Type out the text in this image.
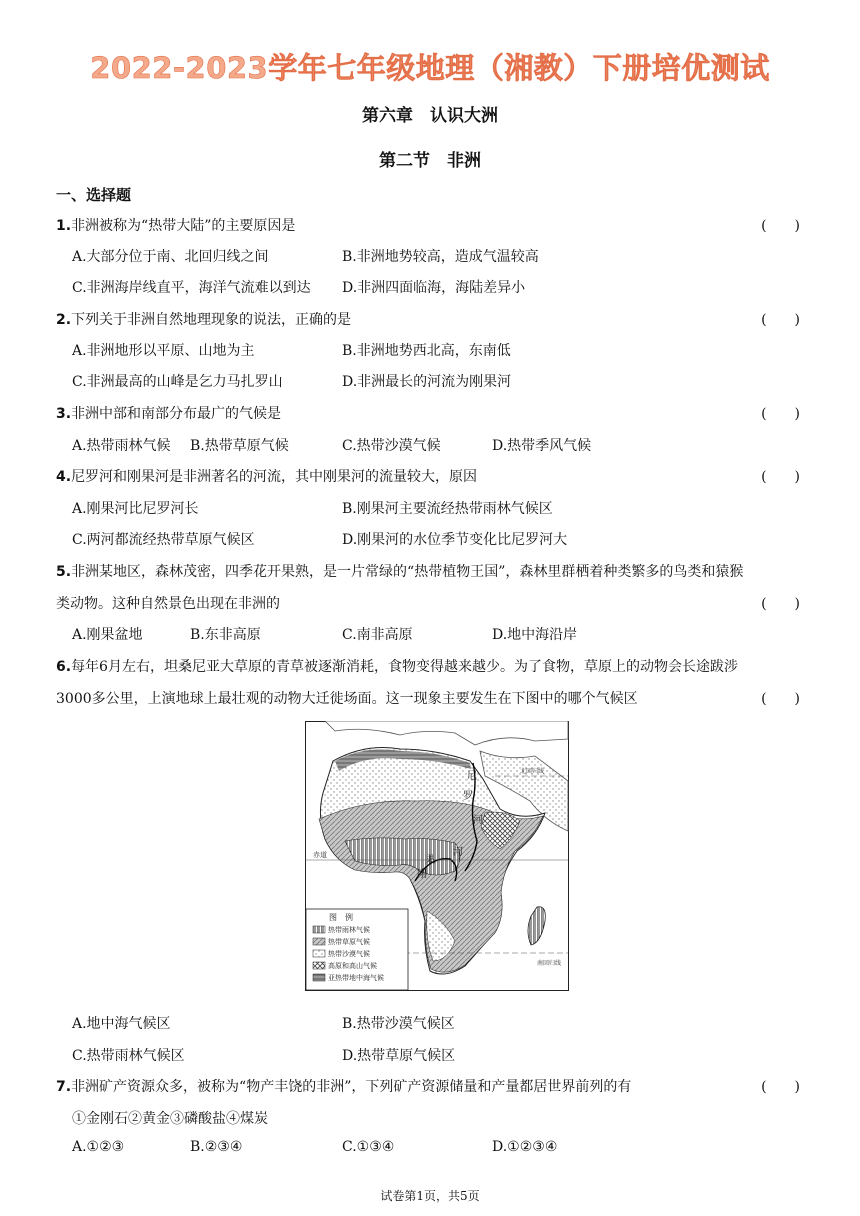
2022-2023学年七年级地理（湘教）下册培优测试
第六章　认识大洲
第二节　非洲
一、选择题
1.非洲被称为“热带大陆”的主要原因是	(　　)
A.大部分位于南、北回归线之间	B.非洲地势较高，造成气温较高
C.非洲海岸线直平，海洋气流难以到达 D.非洲四面临海，海陆差异小
2.下列关于非洲自然地理现象的说法，正确的是	(　　)
A.非洲地形以平原、山地为主	B.非洲地势西北高，东南低
C.非洲最高的山峰是乞力马扎罗山	D.非洲最长的河流为刚果河
3.非洲中部和南部分布最广的气候是	(　　)
A.热带雨林气候 B.热带草原气候	C.热带沙漠气候	D.热带季风气候
4.尼罗河和刚果河是非洲著名的河流，其中刚果河的流量较大，原因	(　　)
A.刚果河比尼罗河长	B.刚果河主要流经热带雨林气候区
C.两河都流经热带草原气候区	D.刚果河的水位季节变化比尼罗河大
5.非洲某地区，森林茂密，四季花开果熟，是一片常绿的“热带植物王国”，森林里群栖着种类繁多的鸟类和猿猴
类动物。这种自然景色出现在非洲的	(　　)
A.刚果盆地	B.东非高原	C.南非高原	D.地中海沿岸
6.每年6月左右，坦桑尼亚大草原的青草被逐渐消耗，食物变得越来越少。为了食物，草原上的动物会长途跋涉
3000多公里，上演地球上最壮观的动物大迁徙场面。这一现象主要发生在下图中的哪个气候区	(　　)
赤道
北回归线
南回归线
尼
罗
河
果
刚
河
图　例
热带雨林气候
热带草原气候
热带沙漠气候
高原和高山气候
亚热带地中海气候
A.地中海气候区	B.热带沙漠气候区
C.热带雨林气候区	D.热带草原气候区
7.非洲矿产资源众多，被称为“物产丰饶的非洲”，下列矿产资源储量和产量都居世界前列的有	(　　)
①金刚石②黄金③磷酸盐④煤炭
A.①②③	B.②③④	C.①③④	D.①②③④
试卷第1页，共5页
